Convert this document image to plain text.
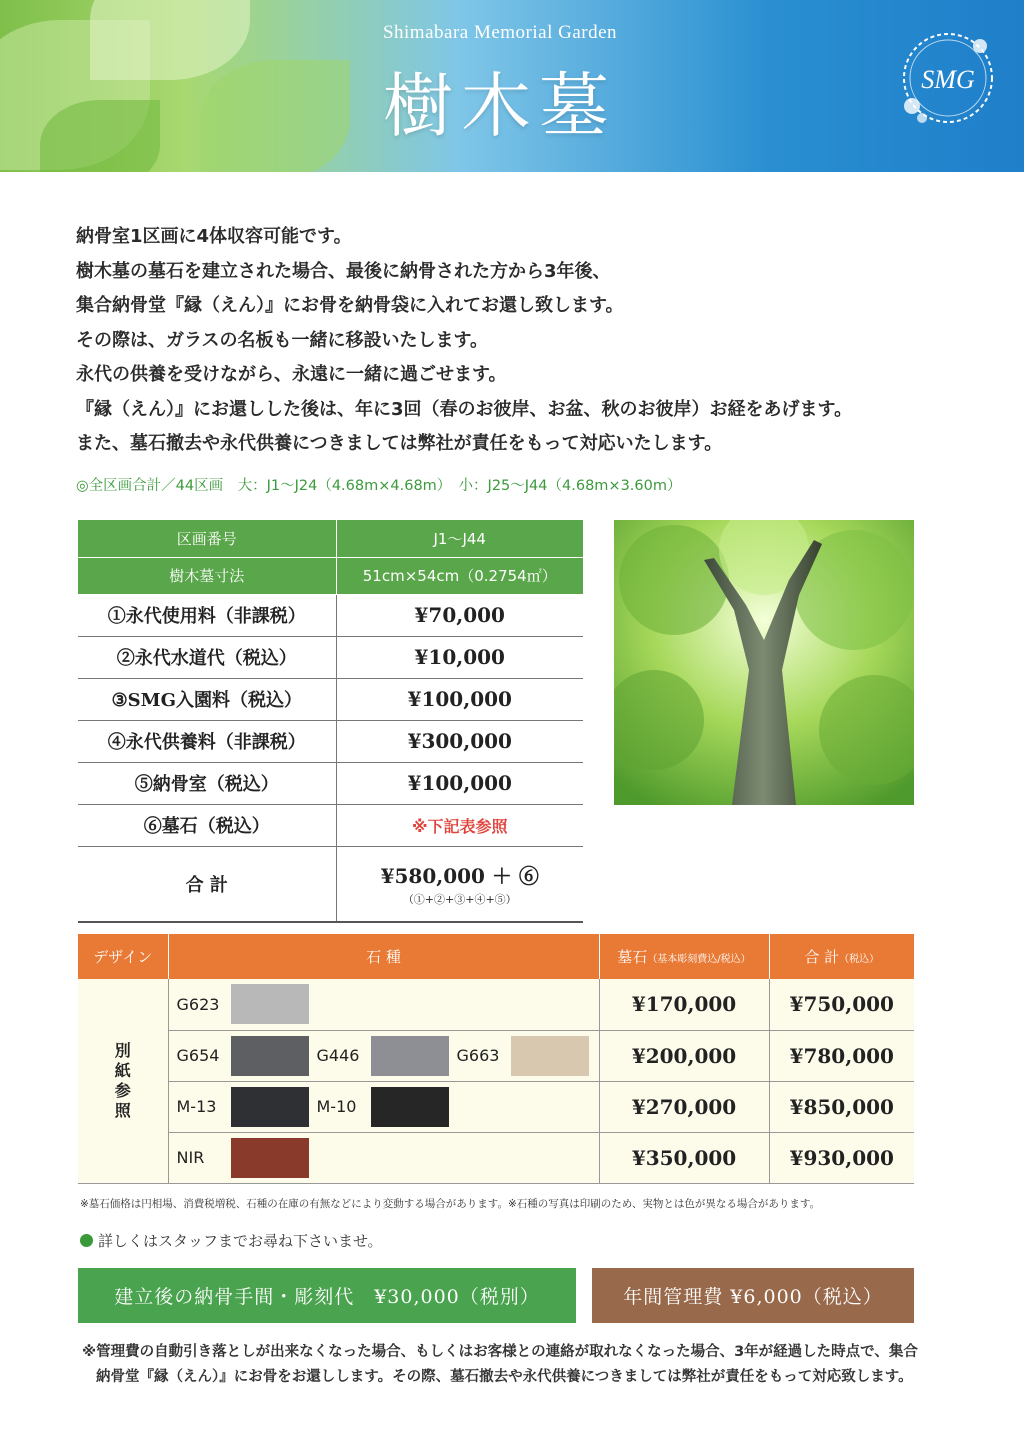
Shimabara Memorial Garden
樹木墓	SMG
納骨室1区画に4体収容可能です。
樹木墓の墓石を建立された場合、最後に納骨された方から3年後、
集合納骨堂『縁（えん）』にお骨を納骨袋に入れてお還し致します。
その際は、ガラスの名板も一緒に移設いたします。
永代の供養を受けながら、永遠に一緒に過ごせます。
『縁（えん）』にお還しした後は、年に3回（春のお彼岸、お盆、秋のお彼岸）お経をあげます。
また、墓石撤去や永代供養につきましては弊社が責任をもって対応いたします。
◎全区画合計／44区画　大：J1～J24（4.68m×4.68m）　小：J25～J44（4.68m×3.60m）
区画番号	J1～J44
樹木墓寸法	51cm×54cm（0.2754㎡）
①永代使用料（非課税）	¥70,000
②永代水道代（税込）	¥10,000
③SMG入園料（税込）	¥100,000
④永代供養料（非課税）	¥300,000
⑤納骨室（税込）	¥100,000
⑥墓石（税込）	※下記表参照
合 計	¥580,000 ＋ ⑥
（①+②+③+④+⑤）
デザイン	石 種	墓石（基本彫刻費込/税込）	合 計（税込）

別紙参照	G623	¥170,000	¥750,000

	G654 G446 G663	¥200,000	¥780,000

	M-13 M-10	¥270,000	¥850,000

	NIR	¥350,000	¥930,000
※墓石価格は円相場、消費税増税、石種の在庫の有無などにより変動する場合があります。※石種の写真は印刷のため、実物とは色が異なる場合があります。
詳しくはスタッフまでお尋ね下さいませ。
建立後の納骨手間・彫刻代　¥30,000（税別）	年間管理費 ¥6,000（税込）
※管理費の自動引き落としが出来なくなった場合、もしくはお客様との連絡が取れなくなった場合、3年が経過した時点で、集合納骨堂『縁（えん）』にお骨をお還しします。その際、墓石撤去や永代供養につきましては弊社が責任をもって対応致します。
